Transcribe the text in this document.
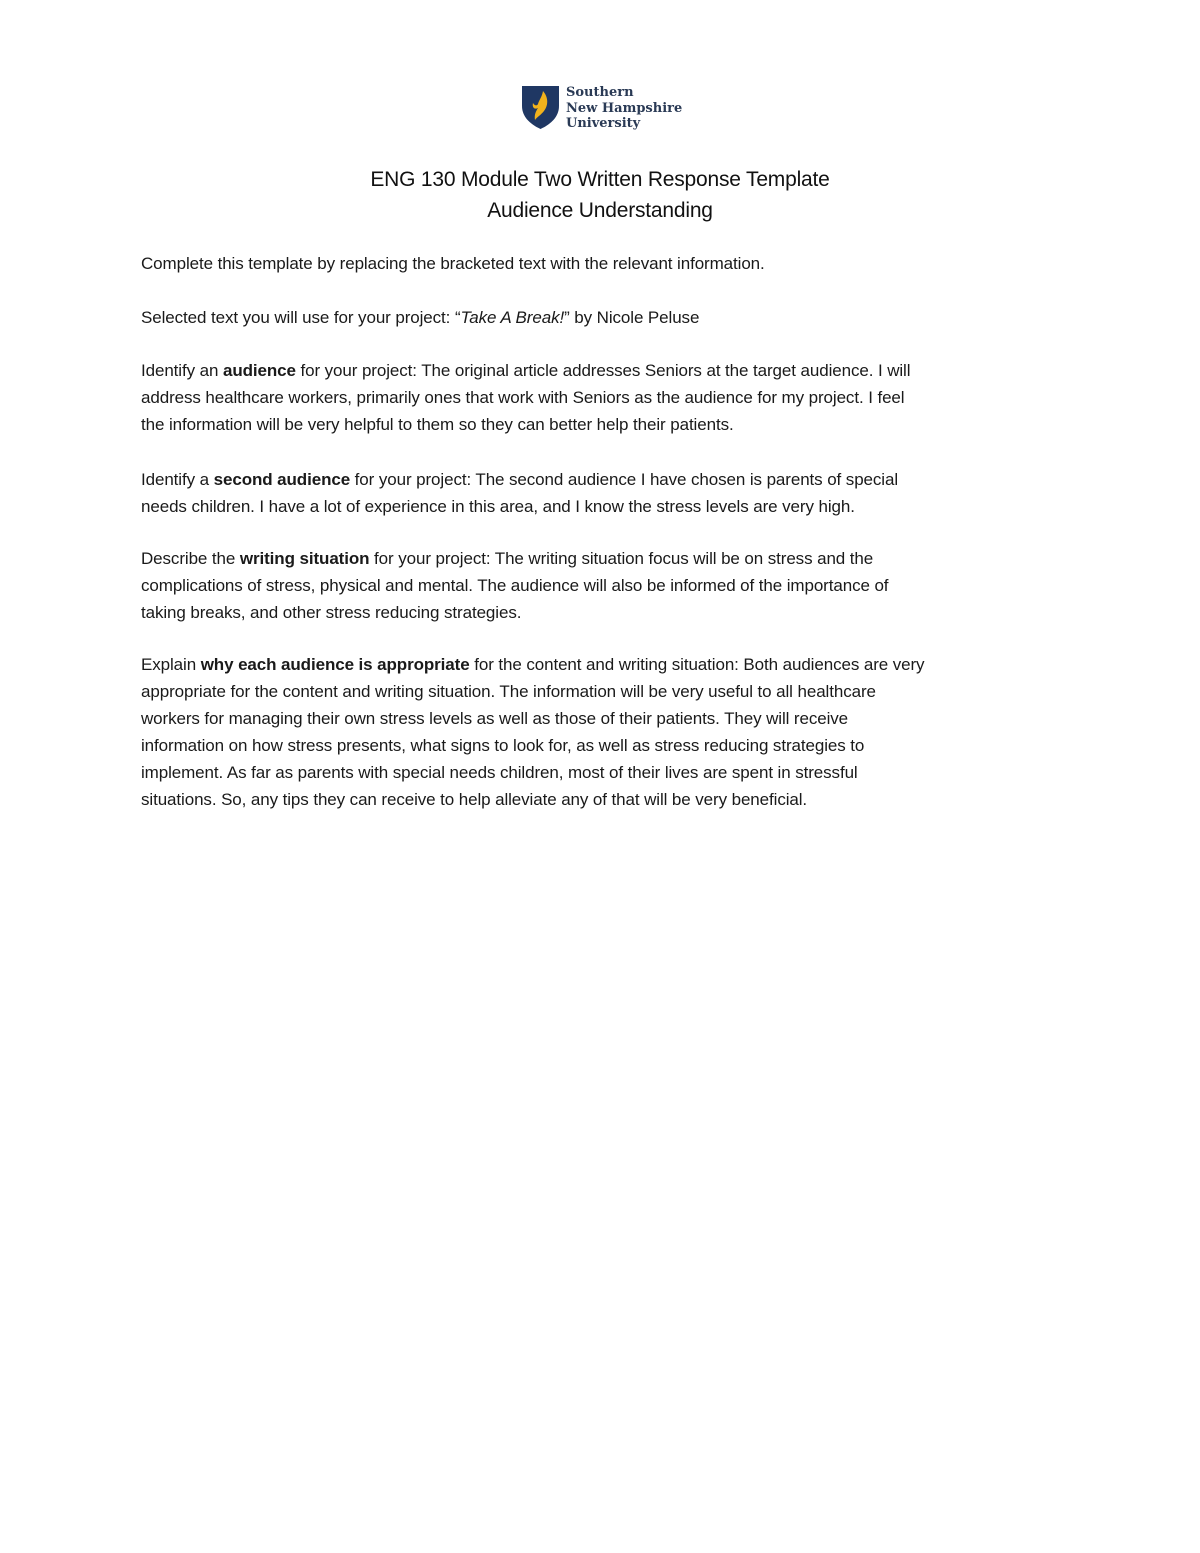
Southern
New Hampshire
University
ENG 130 Module Two Written Response Template
Audience Understanding

Complete this template by replacing the bracketed text with the relevant information.

Selected text you will use for your project: “Take A Break!” by Nicole Peluse

Identify an audience for your project: The original article addresses Seniors at the target audience. I will
address healthcare workers, primarily ones that work with Seniors as the audience for my project. I feel
the information will be very helpful to them so they can better help their patients.

Identify a second audience for your project: The second audience I have chosen is parents of special
needs children. I have a lot of experience in this area, and I know the stress levels are very high.

Describe the writing situation for your project: The writing situation focus will be on stress and the
complications of stress, physical and mental. The audience will also be informed of the importance of
taking breaks, and other stress reducing strategies.

Explain why each audience is appropriate for the content and writing situation: Both audiences are very
appropriate for the content and writing situation. The information will be very useful to all healthcare
workers for managing their own stress levels as well as those of their patients. They will receive
information on how stress presents, what signs to look for, as well as stress reducing strategies to
implement. As far as parents with special needs children, most of their lives are spent in stressful
situations. So, any tips they can receive to help alleviate any of that will be very beneficial.
